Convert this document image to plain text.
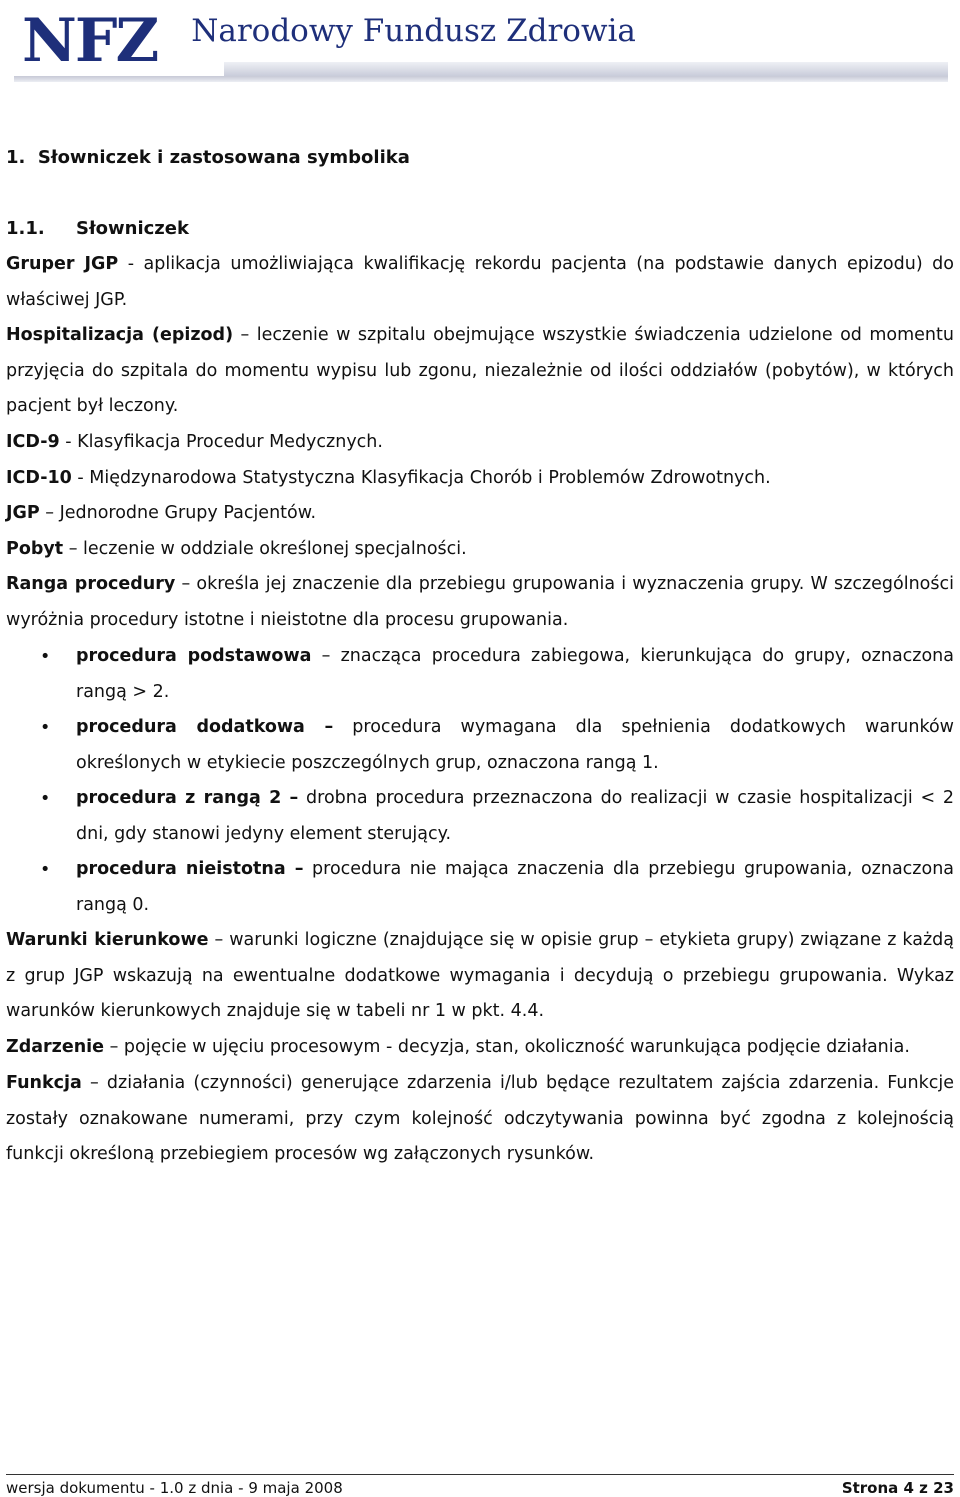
NFZ Narodowy Fundusz Zdrowia
1. Słowniczek i zastosowana symbolika
1.1. Słowniczek
Gruper JGP - aplikacja umożliwiająca kwalifikację rekordu pacjenta (na podstawie danych epizodu) do właściwej JGP.
Hospitalizacja (epizod) – leczenie w szpitalu obejmujące wszystkie świadczenia udzielone od momentu przyjęcia do szpitala do momentu wypisu lub zgonu, niezależnie od ilości oddziałów (pobytów), w których pacjent był leczony.
ICD-9 - Klasyfikacja Procedur Medycznych.
ICD-10 - Międzynarodowa Statystyczna Klasyfikacja Chorób i Problemów Zdrowotnych.
JGP – Jednorodne Grupy Pacjentów.
Pobyt – leczenie w oddziale określonej specjalności.
Ranga procedury – określa jej znaczenie dla przebiegu grupowania i wyznaczenia grupy. W szczególności wyróżnia procedury istotne i nieistotne dla procesu grupowania.
• procedura podstawowa – znacząca procedura zabiegowa, kierunkująca do grupy, oznaczona rangą > 2.
• procedura dodatkowa – procedura wymagana dla spełnienia dodatkowych warunków określonych w etykiecie poszczególnych grup, oznaczona rangą 1.
• procedura z rangą 2 – drobna procedura przeznaczona do realizacji w czasie hospitalizacji < 2 dni, gdy stanowi jedyny element sterujący.
• procedura nieistotna – procedura nie mająca znaczenia dla przebiegu grupowania, oznaczona rangą 0.
Warunki kierunkowe – warunki logiczne (znajdujące się w opisie grup – etykieta grupy) związane z każdą z grup JGP wskazują na ewentualne dodatkowe wymagania i decydują o przebiegu grupowania. Wykaz warunków kierunkowych znajduje się w tabeli nr 1 w pkt. 4.4.
Zdarzenie – pojęcie w ujęciu procesowym - decyzja, stan, okoliczność warunkująca podjęcie działania.
Funkcja – działania (czynności) generujące zdarzenia i/lub będące rezultatem zajścia zdarzenia. Funkcje zostały oznakowane numerami, przy czym kolejność odczytywania powinna być zgodna z kolejnością funkcji określoną przebiegiem procesów wg załączonych rysunków.
wersja dokumentu - 1.0 z dnia - 9 maja 2008	Strona 4 z 23
